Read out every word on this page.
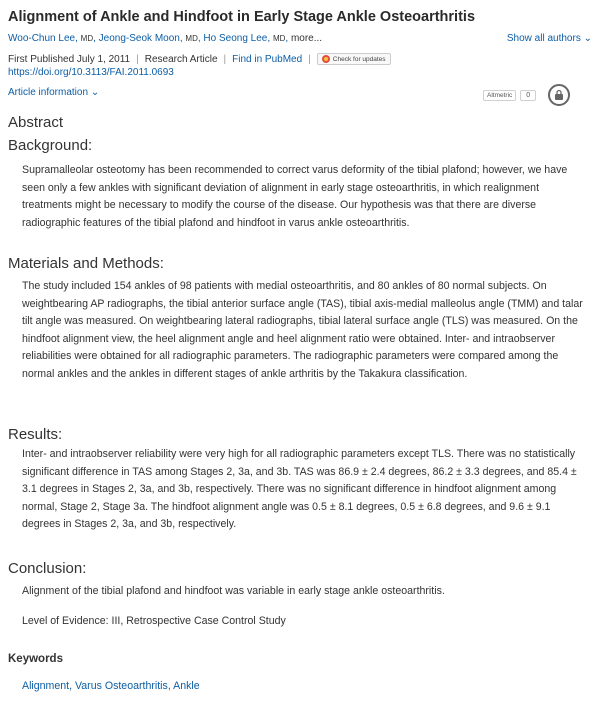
Alignment of Ankle and Hindfoot in Early Stage Ankle Osteoarthritis
Woo-Chun Lee, MD, Jeong-Seok Moon, MD, Ho Seong Lee, MD, more...	Show all authors ⌄
First Published July 1, 2011 | Research Article | Find in PubMed |	Check for updates
https://doi.org/10.3113/FAI.2011.0693
Article information ⌄	Altmetric	0
Abstract
Background:

Supramalleolar osteotomy has been recommended to correct varus deformity of the tibial plafond; however, we have seen only a few ankles with significant deviation of alignment in early stage osteoarthritis, in which realignment treatments might be necessary to modify the course of the disease. Our hypothesis was that there are diverse radiographic features of the tibial plafond and hindfoot in varus ankle osteoarthritis.

Materials and Methods:

The study included 154 ankles of 98 patients with medial osteoarthritis, and 80 ankles of 80 normal subjects. On weightbearing AP radiographs, the tibial anterior surface angle (TAS), tibial axis-medial malleolus angle (TMM) and talar tilt angle was measured. On weightbearing lateral radiographs, tibial lateral surface angle (TLS) was measured. On the hindfoot alignment view, the heel alignment angle and heel alignment ratio were obtained. Inter- and intraobserver reliabilities were obtained for all radiographic parameters. The radiographic parameters were compared among the normal ankles and the ankles in different stages of ankle arthritis by the Takakura classification.

Results:

Inter- and intraobserver reliability were very high for all radiographic parameters except TLS. There was no statistically significant difference in TAS among Stages 2, 3a, and 3b. TAS was 86.9 ± 2.4 degrees, 86.2 ± 3.3 degrees, and 85.4 ± 3.1 degrees in Stages 2, 3a, and 3b, respectively. There was no significant difference in hindfoot alignment among normal, Stage 2, Stage 3a. The hindfoot alignment angle was 0.5 ± 8.1 degrees, 0.5 ± 6.8 degrees, and 9.6 ± 9.1 degrees in Stages 2, 3a, and 3b, respectively.

Conclusion:

Alignment of the tibial plafond and hindfoot was variable in early stage ankle osteoarthritis.

Level of Evidence: III, Retrospective Case Control Study

Keywords
Alignment, Varus Osteoarthritis, Ankle
